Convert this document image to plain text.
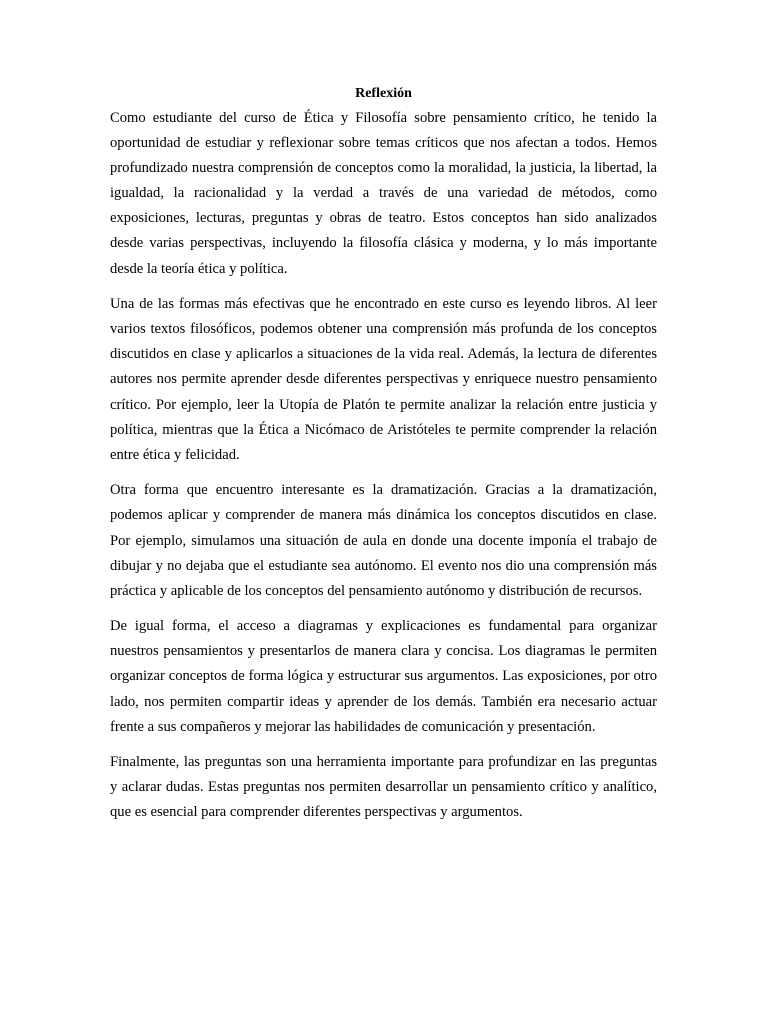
Reflexión

Como estudiante del curso de Ética y Filosofía sobre pensamiento crítico, he tenido la oportunidad de estudiar y reflexionar sobre temas críticos que nos afectan a todos. Hemos profundizado nuestra comprensión de conceptos como la moralidad, la justicia, la libertad, la igualdad, la racionalidad y la verdad a través de una variedad de métodos, como exposiciones, lecturas, preguntas y obras de teatro. Estos conceptos han sido analizados desde varias perspectivas, incluyendo la filosofía clásica y moderna, y lo más importante desde la teoría ética y política.

Una de las formas más efectivas que he encontrado en este curso es leyendo libros. Al leer varios textos filosóficos, podemos obtener una comprensión más profunda de los conceptos discutidos en clase y aplicarlos a situaciones de la vida real. Además, la lectura de diferentes autores nos permite aprender desde diferentes perspectivas y enriquece nuestro pensamiento crítico. Por ejemplo, leer la Utopía de Platón te permite analizar la relación entre justicia y política, mientras que la Ética a Nicómaco de Aristóteles te permite comprender la relación entre ética y felicidad.

Otra forma que encuentro interesante es la dramatización. Gracias a la dramatización, podemos aplicar y comprender de manera más dinámica los conceptos discutidos en clase. Por ejemplo, simulamos una situación de aula en donde una docente imponía el trabajo de dibujar y no dejaba que el estudiante sea autónomo. El evento nos dio una comprensión más práctica y aplicable de los conceptos del pensamiento autónomo y distribución de recursos.

De igual forma, el acceso a diagramas y explicaciones es fundamental para organizar nuestros pensamientos y presentarlos de manera clara y concisa. Los diagramas le permiten organizar conceptos de forma lógica y estructurar sus argumentos. Las exposiciones, por otro lado, nos permiten compartir ideas y aprender de los demás. También era necesario actuar frente a sus compañeros y mejorar las habilidades de comunicación y presentación.

Finalmente, las preguntas son una herramienta importante para profundizar en las preguntas y aclarar dudas. Estas preguntas nos permiten desarrollar un pensamiento crítico y analítico, que es esencial para comprender diferentes perspectivas y argumentos.
